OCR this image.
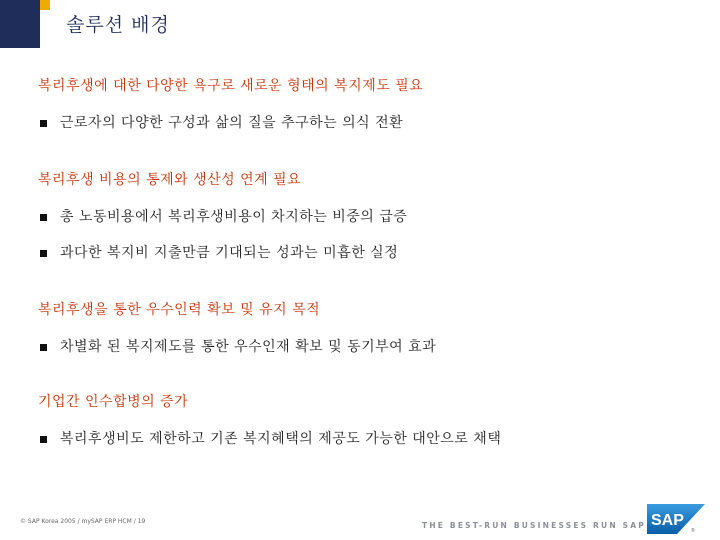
솔루션 배경
복리후생에 대한 다양한 욕구로 새로운 형태의 복지제도 필요
근로자의 다양한 구성과 삶의 질을 추구하는 의식 전환
복리후생 비용의 통제와 생산성 연계 필요
총 노동비용에서 복리후생비용이 차지하는 비중의 급증
과다한 복지비 지출만큼 기대되는 성과는 미흡한 실정
복리후생을 통한 우수인력 확보 및 유지 목적
차별화 된 복지제도를 통한 우수인재 확보 및 동기부여 효과
기업간 인수합병의 증가
복리후생비도 제한하고 기존 복지혜택의 제공도 가능한 대안으로 채택
© SAP Korea 2005 / mySAP ERP HCM / 19	THE BEST-RUN BUSINESSES RUN SAP SAP
®
